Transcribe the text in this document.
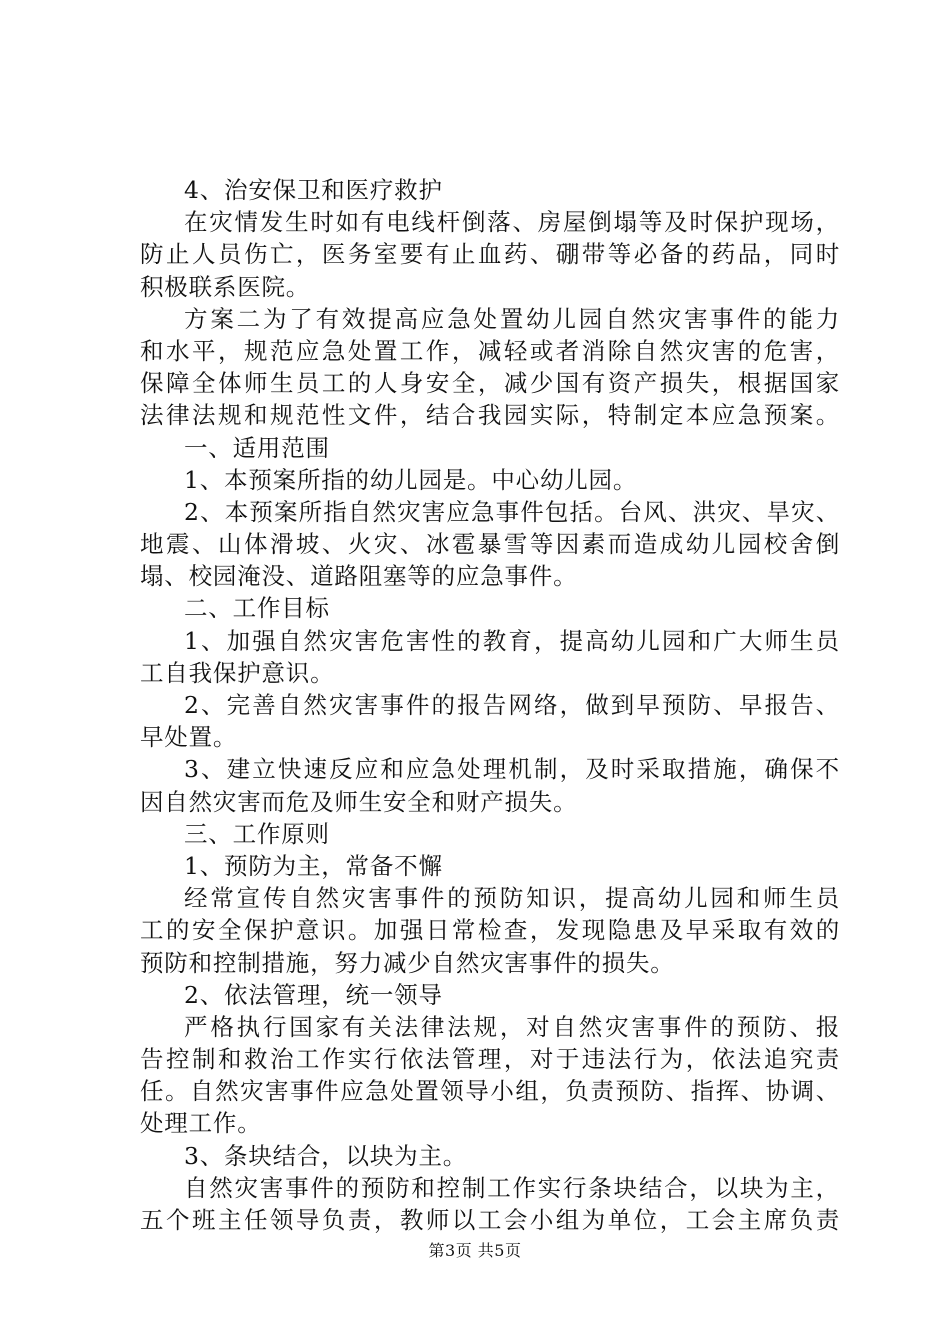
4、治安保卫和医疗救护
在灾情发生时如有电线杆倒落、房屋倒塌等及时保护现场，
防止人员伤亡，医务室要有止血药、硼带等必备的药品，同时
积极联系医院。
方案二为了有效提高应急处置幼儿园自然灾害事件的能力
和水平，规范应急处置工作，减轻或者消除自然灾害的危害，
保障全体师生员工的人身安全，减少国有资产损失，根据国家
法律法规和规范性文件，结合我园实际，特制定本应急预案。
一、适用范围
1、本预案所指的幼儿园是。中心幼儿园。
2、本预案所指自然灾害应急事件包括。台风、洪灾、旱灾、
地震、山体滑坡、火灾、冰雹暴雪等因素而造成幼儿园校舍倒
塌、校园淹没、道路阻塞等的应急事件。
二、工作目标
1、加强自然灾害危害性的教育，提高幼儿园和广大师生员
工自我保护意识。
2、完善自然灾害事件的报告网络，做到早预防、早报告、
早处置。
3、建立快速反应和应急处理机制，及时采取措施，确保不
因自然灾害而危及师生安全和财产损失。
三、工作原则
1、预防为主，常备不懈
经常宣传自然灾害事件的预防知识，提高幼儿园和师生员
工的安全保护意识。加强日常检查，发现隐患及早采取有效的
预防和控制措施，努力减少自然灾害事件的损失。
2、依法管理，统一领导
严格执行国家有关法律法规，对自然灾害事件的预防、报
告控制和救治工作实行依法管理，对于违法行为，依法追究责
任。自然灾害事件应急处置领导小组，负责预防、指挥、协调、
处理工作。
3、条块结合，以块为主。
自然灾害事件的预防和控制工作实行条块结合，以块为主，
五个班主任领导负责，教师以工会小组为单位，工会主席负责
第3页 共5页
